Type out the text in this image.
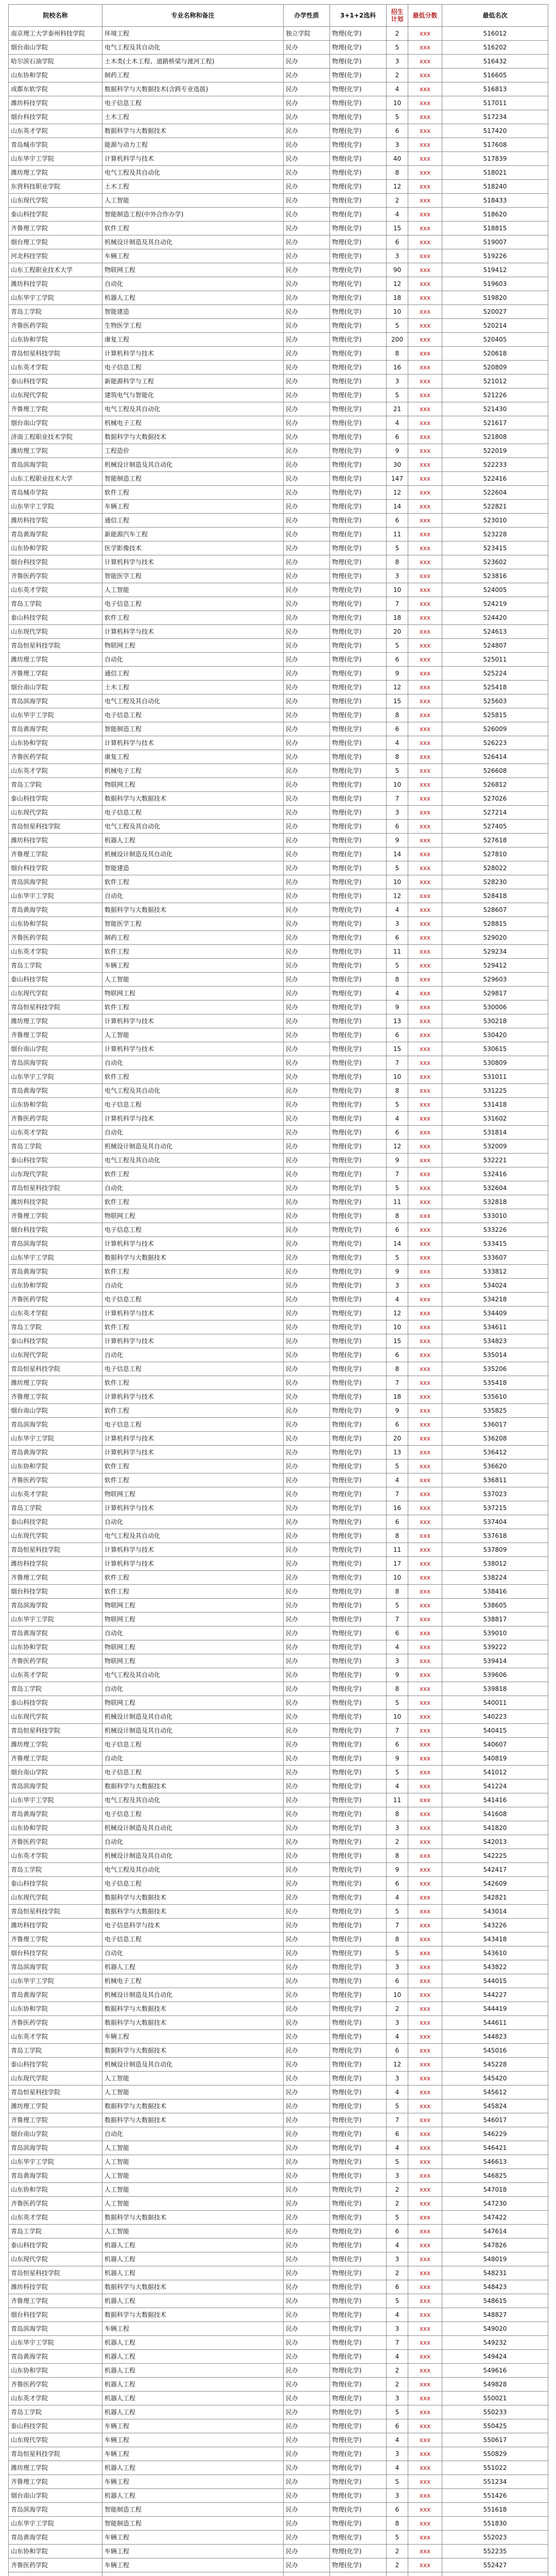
院校名称	专业名称和备注	办学性质	3+1+2选科	招生计划	最低分数	最低名次
南京理工大学泰州科技学院	环境工程	独立学院	物理(化学)	2	xxx	516012
烟台南山学院	电气工程及其自动化	民办	物理(化学)	5	xxx	516202
哈尔滨石油学院	土木类(土木工程、道路桥梁与渡河工程)	民办	物理(化学)	3	xxx	516432
山东协和学院	制药工程	民办	物理(化学)	2	xxx	516605
成都东软学院	数据科学与大数据技术(含跨专业选拔)	民办	物理(化学)	4	xxx	516813
潍坊科技学院	电子信息工程	民办	物理(化学)	10	xxx	517011
烟台科技学院	土木工程	民办	物理(化学)	5	xxx	517234
山东英才学院	数据科学与大数据技术	民办	物理(化学)	6	xxx	517420
青岛城市学院	能源与动力工程	民办	物理(化学)	3	xxx	517608
山东华宇工学院	计算机科学与技术	民办	物理(化学)	40	xxx	517839
潍坊理工学院	电气工程及其自动化	民办	物理(化学)	8	xxx	518021
东营科技职业学院	土木工程	民办	物理(化学)	12	xxx	518240
山东现代学院	人工智能	民办	物理(化学)	2	xxx	518433
泰山科技学院	智能制造工程(中外合作办学)	民办	物理(化学)	4	xxx	518620
齐鲁理工学院	软件工程	民办	物理(化学)	15	xxx	518815
烟台理工学院	机械设计制造及其自动化	民办	物理(化学)	6	xxx	519007
河北科技学院	车辆工程	民办	物理(化学)	3	xxx	519226
山东工程职业技术大学	物联网工程	民办	物理(化学)	90	xxx	519412
潍坊科技学院	自动化	民办	物理(化学)	12	xxx	519603
山东华宇工学院	机器人工程	民办	物理(化学)	18	xxx	519820
青岛工学院	智能建造	民办	物理(化学)	10	xxx	520027
齐鲁医药学院	生物医学工程	民办	物理(化学)	5	xxx	520214
山东协和学院	康复工程	民办	物理(化学)	200	xxx	520405
青岛恒星科技学院	计算机科学与技术	民办	物理(化学)	8	xxx	520618
山东英才学院	电子信息工程	民办	物理(化学)	16	xxx	520809
泰山科技学院	新能源科学与工程	民办	物理(化学)	3	xxx	521012
山东现代学院	建筑电气与智能化	民办	物理(化学)	5	xxx	521226
齐鲁理工学院	电气工程及其自动化	民办	物理(化学)	21	xxx	521430
烟台南山学院	机械电子工程	民办	物理(化学)	4	xxx	521617
济南工程职业技术学院	数据科学与大数据技术	民办	物理(化学)	6	xxx	521808
潍坊理工学院	工程造价	民办	物理(化学)	9	xxx	522019
青岛滨海学院	机械设计制造及其自动化	民办	物理(化学)	30	xxx	522233
山东工程职业技术大学	智能制造工程	民办	物理(化学)	147	xxx	522416
青岛城市学院	软件工程	民办	物理(化学)	12	xxx	522604
山东华宇工学院	车辆工程	民办	物理(化学)	14	xxx	522821
潍坊科技学院	通信工程	民办	物理(化学)	6	xxx	523010
青岛黄海学院	新能源汽车工程	民办	物理(化学)	11	xxx	523228
山东协和学院	医学影像技术	民办	物理(化学)	5	xxx	523415
烟台科技学院	计算机科学与技术	民办	物理(化学)	8	xxx	523602
齐鲁医药学院	智能医学工程	民办	物理(化学)	3	xxx	523816
山东英才学院	人工智能	民办	物理(化学)	10	xxx	524005
青岛工学院	电子信息工程	民办	物理(化学)	7	xxx	524219
泰山科技学院	软件工程	民办	物理(化学)	18	xxx	524420
山东现代学院	计算机科学与技术	民办	物理(化学)	20	xxx	524613
青岛恒星科技学院	物联网工程	民办	物理(化学)	5	xxx	524807
潍坊理工学院	自动化	民办	物理(化学)	6	xxx	525011
齐鲁理工学院	通信工程	民办	物理(化学)	9	xxx	525224
烟台南山学院	土木工程	民办	物理(化学)	12	xxx	525418
青岛滨海学院	电气工程及其自动化	民办	物理(化学)	15	xxx	525603
山东华宇工学院	电子信息工程	民办	物理(化学)	8	xxx	525815
青岛黄海学院	智能制造工程	民办	物理(化学)	6	xxx	526009
山东协和学院	计算机科学与技术	民办	物理(化学)	4	xxx	526223
齐鲁医药学院	康复工程	民办	物理(化学)	8	xxx	526414
山东英才学院	机械电子工程	民办	物理(化学)	5	xxx	526608
青岛工学院	物联网工程	民办	物理(化学)	10	xxx	526812
泰山科技学院	数据科学与大数据技术	民办	物理(化学)	7	xxx	527026
山东现代学院	电子信息工程	民办	物理(化学)	3	xxx	527214
青岛恒星科技学院	电气工程及其自动化	民办	物理(化学)	6	xxx	527405
潍坊科技学院	机器人工程	民办	物理(化学)	9	xxx	527618
齐鲁理工学院	机械设计制造及其自动化	民办	物理(化学)	14	xxx	527810
烟台科技学院	智能建造	民办	物理(化学)	5	xxx	528022
青岛滨海学院	软件工程	民办	物理(化学)	10	xxx	528230
山东华宇工学院	自动化	民办	物理(化学)	12	xxx	528418
青岛黄海学院	数据科学与大数据技术	民办	物理(化学)	4	xxx	528607
山东协和学院	智能医学工程	民办	物理(化学)	3	xxx	528815
齐鲁医药学院	制药工程	民办	物理(化学)	6	xxx	529020
山东英才学院	软件工程	民办	物理(化学)	11	xxx	529234
青岛工学院	车辆工程	民办	物理(化学)	5	xxx	529412
泰山科技学院	人工智能	民办	物理(化学)	8	xxx	529603
山东现代学院	物联网工程	民办	物理(化学)	4	xxx	529817
青岛恒星科技学院	软件工程	民办	物理(化学)	9	xxx	530006
潍坊理工学院	计算机科学与技术	民办	物理(化学)	13	xxx	530218
齐鲁理工学院	人工智能	民办	物理(化学)	6	xxx	530420
烟台南山学院	计算机科学与技术	民办	物理(化学)	15	xxx	530615
青岛滨海学院	自动化	民办	物理(化学)	7	xxx	530809
山东华宇工学院	软件工程	民办	物理(化学)	10	xxx	531011
青岛黄海学院	电气工程及其自动化	民办	物理(化学)	8	xxx	531225
山东协和学院	电子信息工程	民办	物理(化学)	5	xxx	531418
齐鲁医药学院	计算机科学与技术	民办	物理(化学)	4	xxx	531602
山东英才学院	自动化	民办	物理(化学)	6	xxx	531814
青岛工学院	机械设计制造及其自动化	民办	物理(化学)	12	xxx	532009
泰山科技学院	电气工程及其自动化	民办	物理(化学)	9	xxx	532221
山东现代学院	软件工程	民办	物理(化学)	7	xxx	532416
青岛恒星科技学院	自动化	民办	物理(化学)	5	xxx	532604
潍坊科技学院	软件工程	民办	物理(化学)	11	xxx	532818
齐鲁理工学院	物联网工程	民办	物理(化学)	8	xxx	533010
烟台科技学院	电子信息工程	民办	物理(化学)	6	xxx	533226
青岛滨海学院	计算机科学与技术	民办	物理(化学)	14	xxx	533415
山东华宇工学院	数据科学与大数据技术	民办	物理(化学)	5	xxx	533607
青岛黄海学院	软件工程	民办	物理(化学)	9	xxx	533812
山东协和学院	自动化	民办	物理(化学)	3	xxx	534024
齐鲁医药学院	电子信息工程	民办	物理(化学)	4	xxx	534218
山东英才学院	计算机科学与技术	民办	物理(化学)	12	xxx	534409
青岛工学院	软件工程	民办	物理(化学)	10	xxx	534611
泰山科技学院	计算机科学与技术	民办	物理(化学)	15	xxx	534823
山东现代学院	自动化	民办	物理(化学)	6	xxx	535014
青岛恒星科技学院	电子信息工程	民办	物理(化学)	8	xxx	535206
潍坊理工学院	软件工程	民办	物理(化学)	7	xxx	535418
齐鲁理工学院	计算机科学与技术	民办	物理(化学)	18	xxx	535610
烟台南山学院	软件工程	民办	物理(化学)	9	xxx	535825
青岛滨海学院	电子信息工程	民办	物理(化学)	6	xxx	536017
山东华宇工学院	计算机科学与技术	民办	物理(化学)	20	xxx	536208
青岛黄海学院	计算机科学与技术	民办	物理(化学)	13	xxx	536412
山东协和学院	软件工程	民办	物理(化学)	5	xxx	536620
齐鲁医药学院	软件工程	民办	物理(化学)	4	xxx	536811
山东英才学院	物联网工程	民办	物理(化学)	7	xxx	537023
青岛工学院	计算机科学与技术	民办	物理(化学)	16	xxx	537215
泰山科技学院	自动化	民办	物理(化学)	6	xxx	537404
山东现代学院	电气工程及其自动化	民办	物理(化学)	8	xxx	537618
青岛恒星科技学院	计算机科学与技术	民办	物理(化学)	11	xxx	537809
潍坊科技学院	计算机科学与技术	民办	物理(化学)	17	xxx	538012
齐鲁理工学院	软件工程	民办	物理(化学)	10	xxx	538224
烟台科技学院	软件工程	民办	物理(化学)	8	xxx	538416
青岛滨海学院	物联网工程	民办	物理(化学)	5	xxx	538605
山东华宇工学院	物联网工程	民办	物理(化学)	7	xxx	538817
青岛黄海学院	自动化	民办	物理(化学)	6	xxx	539010
山东协和学院	物联网工程	民办	物理(化学)	4	xxx	539222
齐鲁医药学院	物联网工程	民办	物理(化学)	3	xxx	539414
山东英才学院	电气工程及其自动化	民办	物理(化学)	9	xxx	539606
青岛工学院	自动化	民办	物理(化学)	8	xxx	539818
泰山科技学院	物联网工程	民办	物理(化学)	5	xxx	540011
山东现代学院	机械设计制造及其自动化	民办	物理(化学)	10	xxx	540223
青岛恒星科技学院	机械设计制造及其自动化	民办	物理(化学)	7	xxx	540415
潍坊理工学院	电子信息工程	民办	物理(化学)	6	xxx	540607
齐鲁理工学院	自动化	民办	物理(化学)	9	xxx	540819
烟台南山学院	电子信息工程	民办	物理(化学)	5	xxx	541012
青岛滨海学院	数据科学与大数据技术	民办	物理(化学)	4	xxx	541224
山东华宇工学院	电气工程及其自动化	民办	物理(化学)	11	xxx	541416
青岛黄海学院	电子信息工程	民办	物理(化学)	8	xxx	541608
山东协和学院	机械设计制造及其自动化	民办	物理(化学)	3	xxx	541820
齐鲁医药学院	自动化	民办	物理(化学)	2	xxx	542013
山东英才学院	机械设计制造及其自动化	民办	物理(化学)	8	xxx	542225
青岛工学院	电气工程及其自动化	民办	物理(化学)	9	xxx	542417
泰山科技学院	电子信息工程	民办	物理(化学)	6	xxx	542609
山东现代学院	数据科学与大数据技术	民办	物理(化学)	4	xxx	542821
青岛恒星科技学院	数据科学与大数据技术	民办	物理(化学)	5	xxx	543014
潍坊科技学院	电子信息科学与技术	民办	物理(化学)	7	xxx	543226
齐鲁理工学院	电子信息工程	民办	物理(化学)	8	xxx	543418
烟台科技学院	自动化	民办	物理(化学)	5	xxx	543610
青岛滨海学院	机器人工程	民办	物理(化学)	3	xxx	543822
山东华宇工学院	机械电子工程	民办	物理(化学)	6	xxx	544015
青岛黄海学院	机械设计制造及其自动化	民办	物理(化学)	10	xxx	544227
山东协和学院	数据科学与大数据技术	民办	物理(化学)	2	xxx	544419
齐鲁医药学院	数据科学与大数据技术	民办	物理(化学)	3	xxx	544611
山东英才学院	车辆工程	民办	物理(化学)	4	xxx	544823
青岛工学院	数据科学与大数据技术	民办	物理(化学)	6	xxx	545016
泰山科技学院	机械设计制造及其自动化	民办	物理(化学)	12	xxx	545228
山东现代学院	人工智能	民办	物理(化学)	3	xxx	545420
青岛恒星科技学院	人工智能	民办	物理(化学)	4	xxx	545612
潍坊理工学院	数据科学与大数据技术	民办	物理(化学)	5	xxx	545824
齐鲁理工学院	数据科学与大数据技术	民办	物理(化学)	7	xxx	546017
烟台南山学院	自动化	民办	物理(化学)	6	xxx	546229
青岛滨海学院	人工智能	民办	物理(化学)	4	xxx	546421
山东华宇工学院	人工智能	民办	物理(化学)	5	xxx	546613
青岛黄海学院	人工智能	民办	物理(化学)	3	xxx	546825
山东协和学院	人工智能	民办	物理(化学)	2	xxx	547018
齐鲁医药学院	人工智能	民办	物理(化学)	2	xxx	547230
山东英才学院	数据科学与大数据技术	民办	物理(化学)	5	xxx	547422
青岛工学院	人工智能	民办	物理(化学)	6	xxx	547614
泰山科技学院	机器人工程	民办	物理(化学)	4	xxx	547826
山东现代学院	机器人工程	民办	物理(化学)	3	xxx	548019
青岛恒星科技学院	机器人工程	民办	物理(化学)	2	xxx	548231
潍坊科技学院	数据科学与大数据技术	民办	物理(化学)	6	xxx	548423
齐鲁理工学院	机器人工程	民办	物理(化学)	5	xxx	548615
烟台科技学院	数据科学与大数据技术	民办	物理(化学)	4	xxx	548827
青岛滨海学院	车辆工程	民办	物理(化学)	3	xxx	549020
山东华宇工学院	机器人工程	民办	物理(化学)	7	xxx	549232
青岛黄海学院	机器人工程	民办	物理(化学)	4	xxx	549424
山东协和学院	机器人工程	民办	物理(化学)	2	xxx	549616
齐鲁医药学院	机器人工程	民办	物理(化学)	2	xxx	549828
山东英才学院	机器人工程	民办	物理(化学)	3	xxx	550021
青岛工学院	机器人工程	民办	物理(化学)	5	xxx	550233
泰山科技学院	车辆工程	民办	物理(化学)	6	xxx	550425
山东现代学院	车辆工程	民办	物理(化学)	4	xxx	550617
青岛恒星科技学院	车辆工程	民办	物理(化学)	3	xxx	550829
潍坊理工学院	机器人工程	民办	物理(化学)	4	xxx	551022
齐鲁理工学院	车辆工程	民办	物理(化学)	5	xxx	551234
烟台南山学院	机器人工程	民办	物理(化学)	3	xxx	551426
青岛滨海学院	智能制造工程	民办	物理(化学)	6	xxx	551618
山东华宇工学院	智能制造工程	民办	物理(化学)	8	xxx	551830
青岛黄海学院	车辆工程	民办	物理(化学)	5	xxx	552023
山东协和学院	车辆工程	民办	物理(化学)	2	xxx	552235
齐鲁医药学院	车辆工程	民办	物理(化学)	2	xxx	552427
